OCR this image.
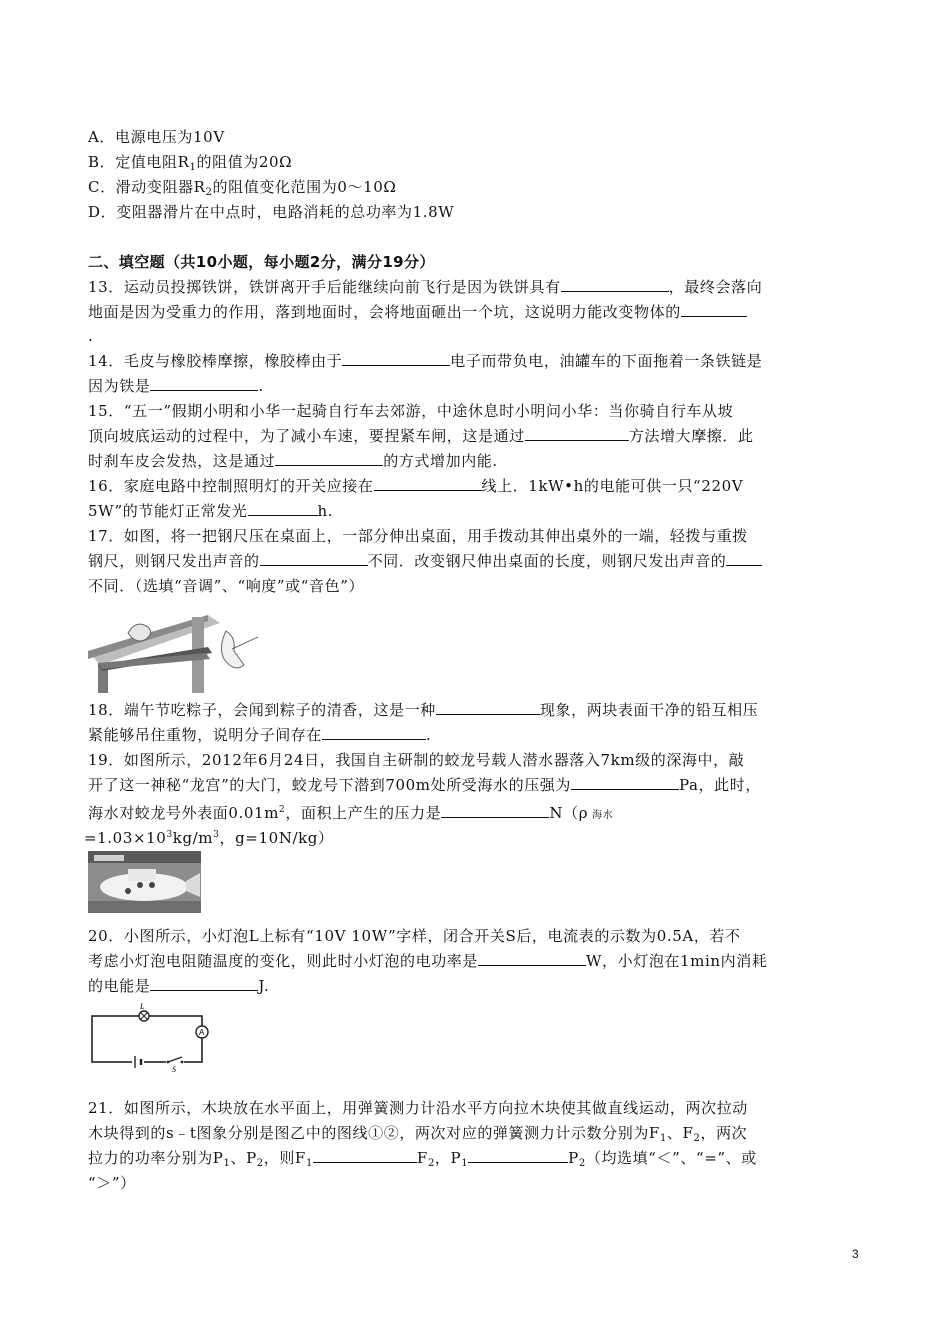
A．电源电压为10V
B．定值电阻$R_1$的阻值为20Ω
C．滑动变阻器$R_2$的阻值变化范围为0～10Ω
D．变阻器滑片在中点时，电路消耗的总功率为1.8W
二、填空题（共10小题，每小题2分，满分19分）
13．运动员投掷铁饼，铁饼离开手后能继续向前飞行是因为铁饼具有	，最终会落向
地面是因为受重力的作用，落到地面时，会将地面砸出一个坑，这说明力能改变物体的
.
14．毛皮与橡胶棒摩擦，橡胶棒由于	电子而带负电，油罐车的下面拖着一条铁链是
因为铁是	.
15．“五一”假期小明和小华一起骑自行车去郊游，中途休息时小明问小华：当你骑自行车从坡
顶向坡底运动的过程中，为了减小车速，要捏紧车闸，这是通过	方法增大摩擦．此
时刹车皮会发热，这是通过	的方式增加内能.
16．家庭电路中控制照明灯的开关应接在	线上．1kW•h的电能可供一只“220V
5W”的节能灯正常发光	h.
17．如图，将一把钢尺压在桌面上，一部分伸出桌面，用手拨动其伸出桌外的一端，轻拨与重拨
钢尺，则钢尺发出声音的	不同．改变钢尺伸出桌面的长度，则钢尺发出声音的
不同．（选填“音调”、“响度”或“音色”）
18．端午节吃粽子，会闻到粽子的清香，这是一种	现象，两块表面干净的铅互相压
紧能够吊住重物，说明分子间存在	.
19．如图所示，2012年6月24日，我国自主研制的蛟龙号载人潜水器落入7km级的深海中，敲
开了这一神秘“龙宫”的大门，蛟龙号下潜到700m处所受海水的压强为	Pa，此时，
海水对蛟龙号外表面$0.01m^2$，面积上产生的压力是	N（ρ 海水
$=1.03\times 10^3kg/m^3$，g=10N/kg）
20．小图所示，小灯泡L上标有“10V 10W”字样，闭合开关S后，电流表的示数为0.5A，若不
考虑小灯泡电阻随温度的变化，则此时小灯泡的电功率是	W，小灯泡在1min内消耗
的电能是	J.
L
A
S
21．如图所示，木块放在水平面上，用弹簧测力计沿水平方向拉木块使其做直线运动，两次拉动
木块得到的s﹣t图象分别是图乙中的图线①②，两次对应的弹簧测力计示数分别为$F_1$、$F_2$，两次
拉力的功率分别为$P_1$、$P_2$，则$F_1$	$F_2$，$P_1$	$P_2$（均选填“＜”、“=”、或
“＞”）
3
